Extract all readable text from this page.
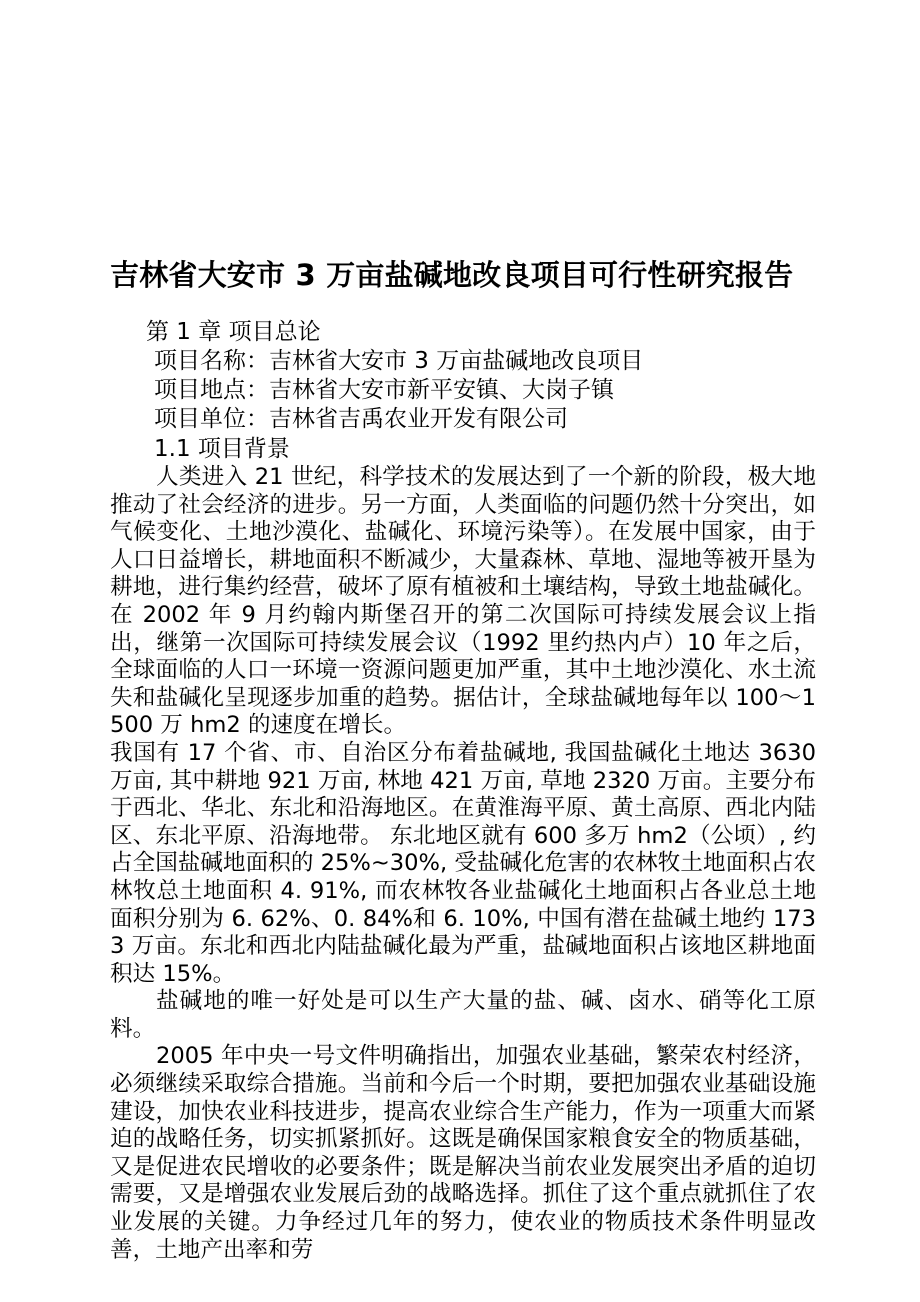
吉林省大安市 3 万亩盐碱地改良项目可行性研究报告
第 1 章 项目总论
项目名称：吉林省大安市 3 万亩盐碱地改良项目
项目地点：吉林省大安市新平安镇、大岗子镇
项目单位：吉林省吉禹农业开发有限公司
1.1 项目背景

人类进入 21 世纪，科学技术的发展达到了一个新的阶段，极大地推动了社会经济的进步。另一方面，人类面临的问题仍然十分突出，如气候变化、土地沙漠化、盐碱化、环境污染等）。在发展中国家，由于人口日益增长，耕地面积不断减少，大量森林、草地、湿地等被开垦为耕地，进行集约经营，破坏了原有植被和土壤结构，导致土地盐碱化。在 2002 年 9 月约翰内斯堡召开的第二次国际可持续发展会议上指出，继第一次国际可持续发展会议（1992 里约热内卢）10 年之后，全球面临的人口一环境一资源问题更加严重，其中土地沙漠化、水土流失和盐碱化呈现逐步加重的趋势。据估计，全球盐碱地每年以 100～1500 万 hm2 的速度在增长。

我国有 17 个省、市、自治区分布着盐碱地, 我国盐碱化土地达 3630 万亩, 其中耕地 921 万亩, 林地 421 万亩, 草地 2320 万亩。主要分布于西北、华北、东北和沿海地区。在黄淮海平原、黄土高原、西北内陆区、东北平原、沿海地带。 东北地区就有 600 多万 hm2（公顷）, 约占全国盐碱地面积的 25%~30%, 受盐碱化危害的农林牧土地面积占农林牧总土地面积 4. 91%, 而农林牧各业盐碱化土地面积占各业总土地面积分别为 6. 62%、0. 84%和 6. 10%, 中国有潜在盐碱土地约 1733 万亩。东北和西北内陆盐碱化最为严重，盐碱地面积占该地区耕地面积达 15%。

盐碱地的唯一好处是可以生产大量的盐、碱、卤水、硝等化工原料。

2005 年中央一号文件明确指出，加强农业基础，繁荣农村经济，必须继续采取综合措施。当前和今后一个时期，要把加强农业基础设施建设，加快农业科技进步，提高农业综合生产能力，作为一项重大而紧迫的战略任务，切实抓紧抓好。这既是确保国家粮食安全的物质基础，又是促进农民增收的必要条件；既是解决当前农业发展突出矛盾的迫切需要，又是增强农业发展后劲的战略选择。抓住了这个重点就抓住了农业发展的关键。力争经过几年的努力，使农业的物质技术条件明显改善，土地产出率和劳
